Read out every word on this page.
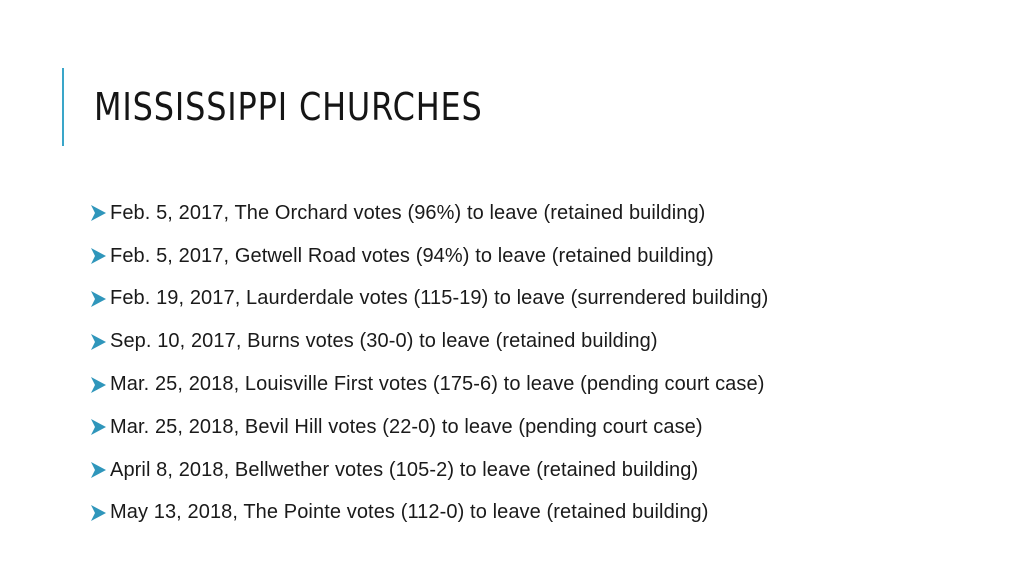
MISSISSIPPI CHURCHES
Feb. 5, 2017, The Orchard votes (96%) to leave (retained building)
Feb. 5, 2017, Getwell Road votes (94%) to leave (retained building)
Feb. 19, 2017, Laurderdale votes (115-19) to leave (surrendered building)
Sep. 10, 2017, Burns votes (30-0) to leave (retained building)
Mar. 25, 2018, Louisville First votes (175-6) to leave (pending court case)
Mar. 25, 2018, Bevil Hill votes (22-0) to leave (pending court case)
April 8, 2018, Bellwether votes (105-2) to leave (retained building)
May 13, 2018, The Pointe votes (112-0) to leave (retained building)
